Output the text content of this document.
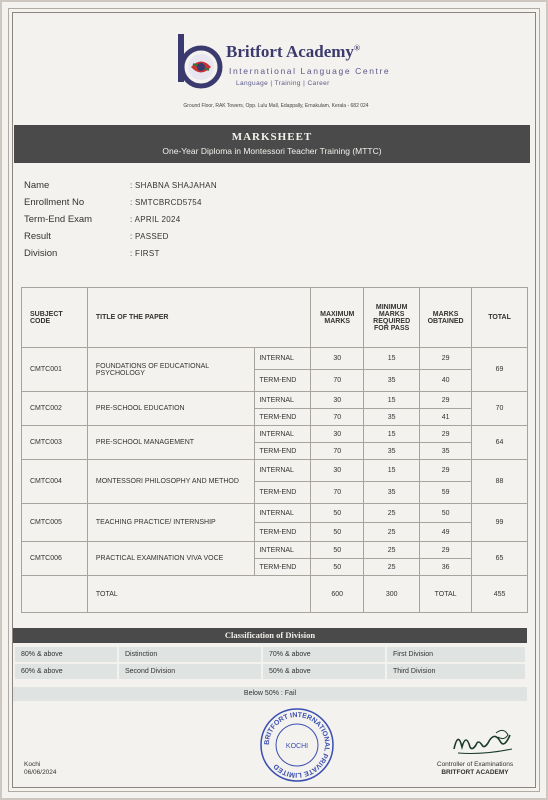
Britfort Academy®
International Language Centre
Language | Training | Career
Ground Floor, RAK Towers, Opp. Lulu Mall, Edappally, Ernakulam, Kerala - 682 024
MARKSHEET
One-Year Diploma in Montessori Teacher Training (MTTC)
Name	: SHABNA SHAJAHAN
Enrollment No	: SMTCBRCD5754
Term-End Exam	: APRIL 2024
Result	: PASSED
Division	: FIRST
SUBJECT CODE	TITLE OF THE PAPER		MAXIMUM MARKS	MINIMUM MARKS REQUIRED FOR PASS	MARKS OBTAINED	TOTAL
CMTC001	FOUNDATIONS OF EDUCATIONAL PSYCHOLOGY	INTERNAL	30	15	29	69
		TERM-END	70	35	40	
CMTC002	PRE-SCHOOL EDUCATION	INTERNAL	30	15	29	70
		TERM-END	70	35	41	
CMTC003	PRE-SCHOOL MANAGEMENT	INTERNAL	30	15	29	64
		TERM-END	70	35	35	
CMTC004	MONTESSORI PHILOSOPHY AND METHOD	INTERNAL	30	15	29	88
		TERM-END	70	35	59	
CMTC005	TEACHING PRACTICE/ INTERNSHIP	INTERNAL	50	25	50	99
		TERM-END	50	25	49	
CMTC006	PRACTICAL EXAMINATION VIVA VOCE	INTERNAL	50	25	29	65
		TERM-END	50	25	36	
	TOTAL		600	300	TOTAL	455
Classification of Division
80% & above	Distinction	70% & above	First Division
60% & above	Second Division	50% & above	Third Division
Below 50% : Fail
BRITFORT INTERNATIONAL PRIVATE LIMITED
KOCHI
Kochi
06/06/2024
Controller of Examinations
BRITFORT ACADEMY
